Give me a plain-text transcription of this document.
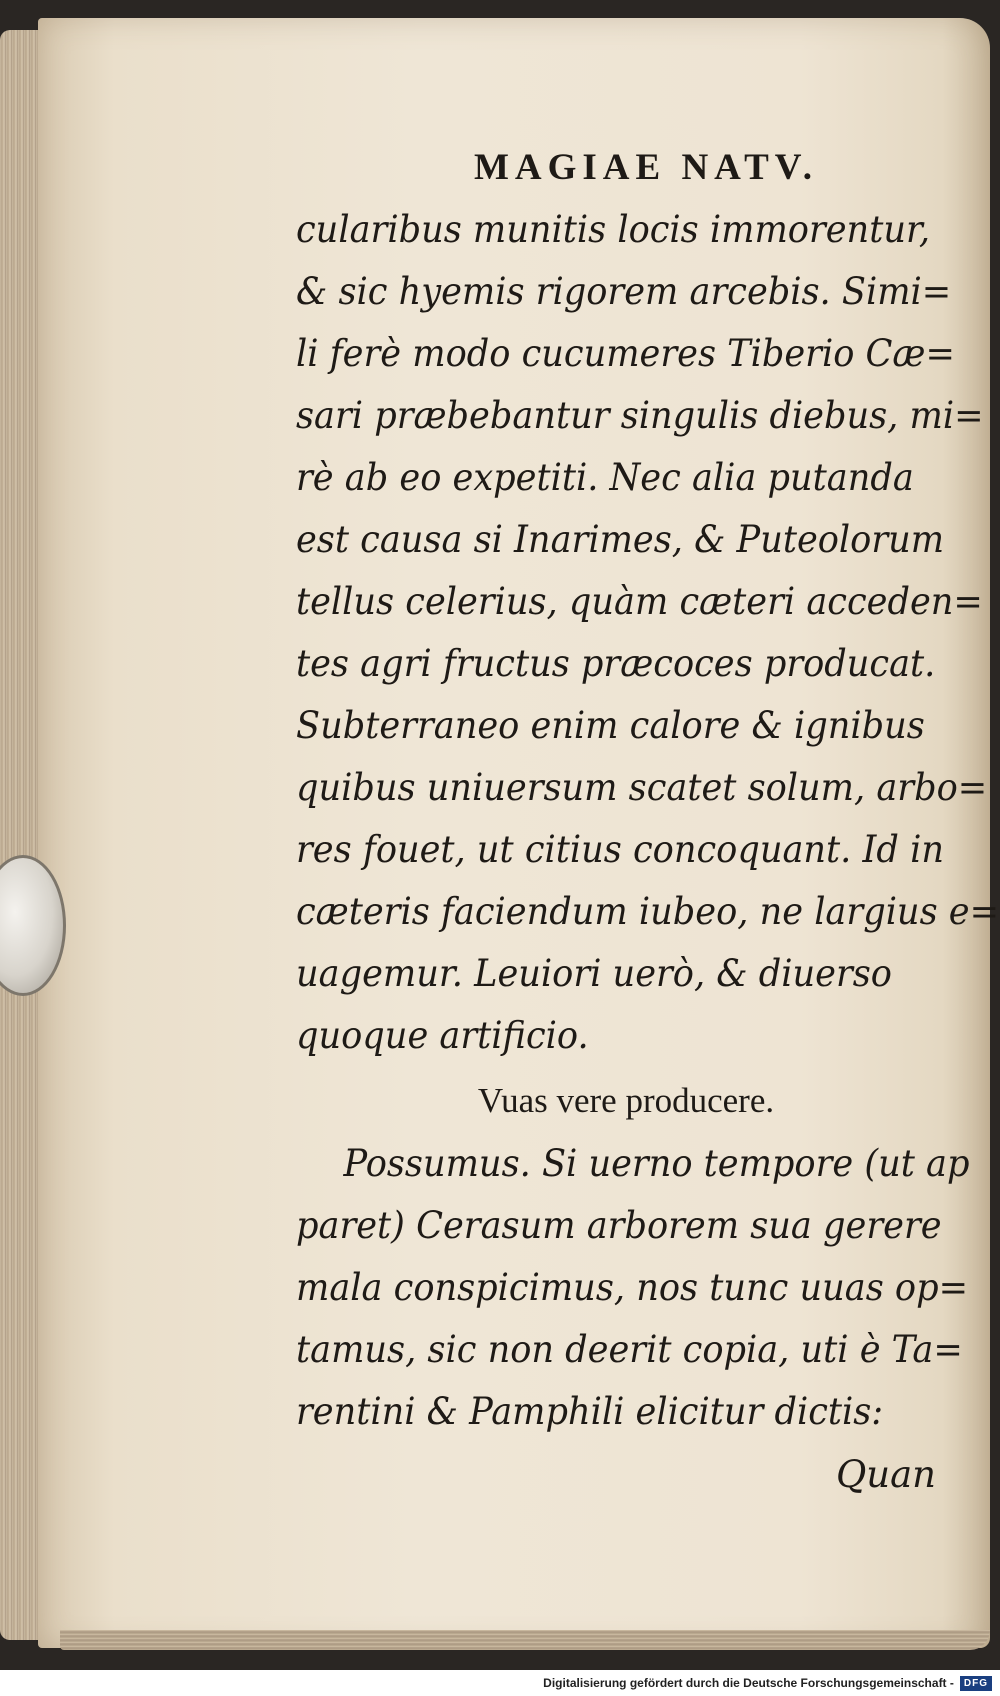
MAGIAE NATV.
cularibus munitis locis immorentur,
& sic hyemis rigorem arcebis. Simi=
li ferè modo cucumeres Tiberio Cæ=
sari præbebantur singulis diebus, mi=
rè ab eo expetiti. Nec alia putanda
est causa si Inarimes, & Puteolorum
tellus celerius, quàm cæteri acceden=
tes agri fructus præcoces producat.
Subterraneo enim calore & ignibus
quibus uniuersum scatet solum, arbo=
res fouet, ut citius concoquant. Id in
cæteris faciendum iubeo, ne largius e=
uagemur. Leuiori uerò, & diuerso
quoque artificio.
Vuas vere producere.
Possumus. Si uerno tempore (ut ap
paret) Cerasum arborem sua gerere
mala conspicimus, nos tunc uuas op=
tamus, sic non deerit copia, uti è Ta=
rentini & Pamphili elicitur dictis:
Quan
Digitalisierung gefördert durch die Deutsche Forschungsgemeinschaft -	DFG
